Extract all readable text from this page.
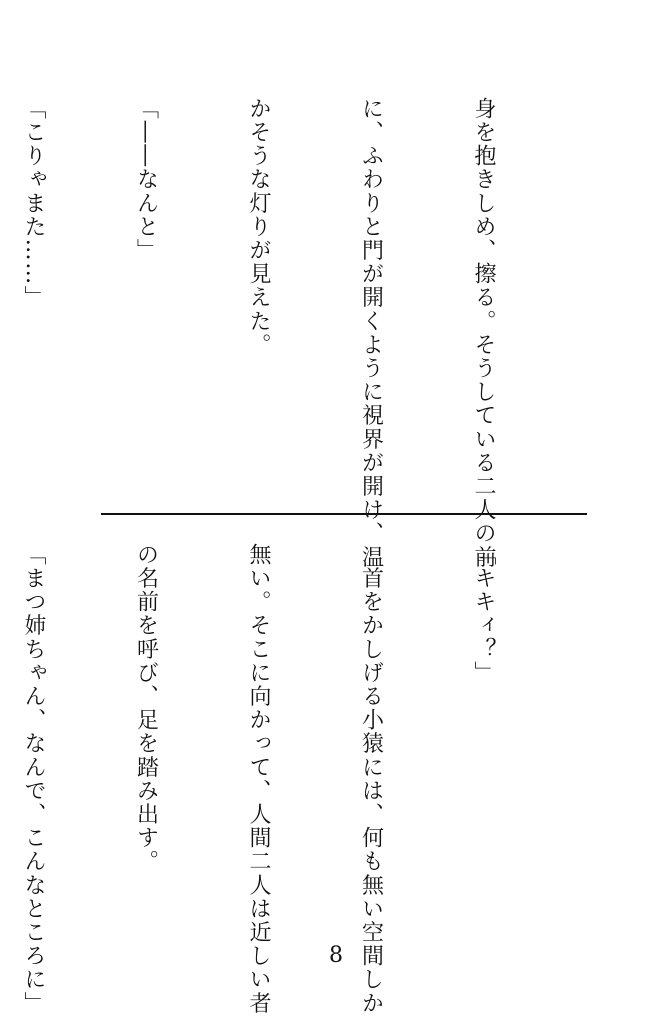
身を抱きしめ、擦る。そうしている二人の前

に、ふわりと門が開くように視界が開け、温

かそうな灯りが見えた。

「――なんと」

「こりゃまた……」

「キキィ？」

　首をかしげる小猿には、何も無い空間しか

無い。そこに向かって、人間二人は近しい者

の名前を呼び、足を踏み出す。

「まつ姉ちゃん、なんで、こんなところに」

	8
